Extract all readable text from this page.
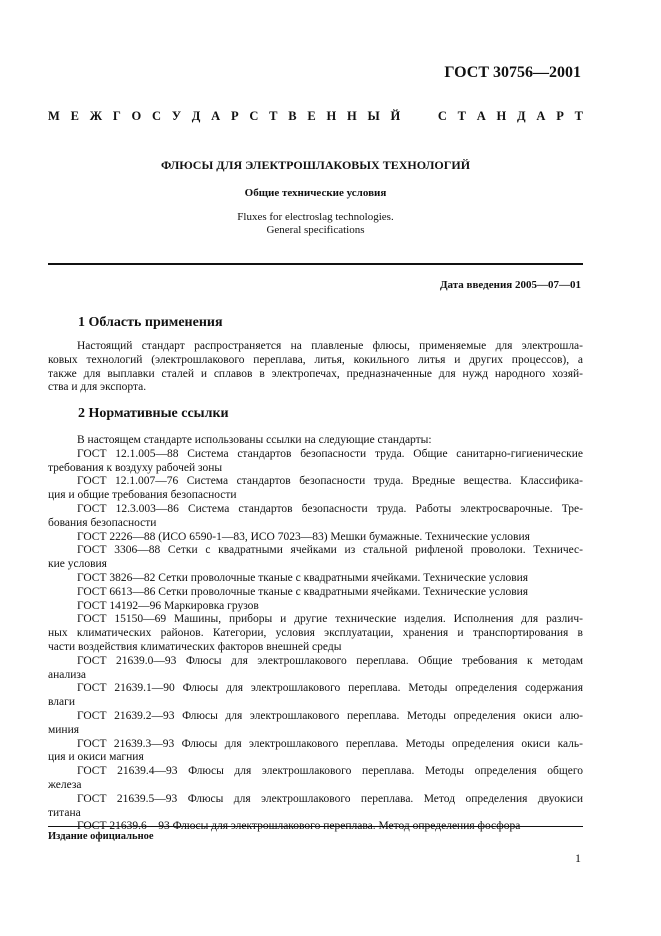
ГОСТ 30756—2001
М Е Ж Г О С У Д А Р С Т В Е Н Н Ы Й	С Т А Н Д А Р Т
ФЛЮСЫ ДЛЯ ЭЛЕКТРОШЛАКОВЫХ ТЕХНОЛОГИЙ
Общие технические условия
Fluxes for electroslag technologies.
General specifications
Дата введения 2005—07—01
1 Область применения
Настоящий стандарт распространяется на плавленые флюсы, применяемые для электрошла-
ковых технологий (электрошлакового переплава, литья, кокильного литья и других процессов), а
также для выплавки сталей и сплавов в электропечах, предназначенные для нужд народного хозяй-
ства и для экспорта.
2 Нормативные ссылки
В настоящем стандарте использованы ссылки на следующие стандарты:
ГОСТ 12.1.005—88 Система стандартов безопасности труда. Общие санитарно-гигиенические
требования к воздуху рабочей зоны
ГОСТ 12.1.007—76 Система стандартов безопасности труда. Вредные вещества. Классифика-
ция и общие требования безопасности
ГОСТ 12.3.003—86 Система стандартов безопасности труда. Работы электросварочные. Тре-
бования безопасности
ГОСТ 2226—88 (ИСО 6590-1—83, ИСО 7023—83) Мешки бумажные. Технические условия
ГОСТ 3306—88 Сетки с квадратными ячейками из стальной рифленой проволоки. Техничес-
кие условия
ГОСТ 3826—82 Сетки проволочные тканые с квадратными ячейками. Технические условия
ГОСТ 6613—86 Сетки проволочные тканые с квадратными ячейками. Технические условия
ГОСТ 14192—96 Маркировка грузов
ГОСТ 15150—69 Машины, приборы и другие технические изделия. Исполнения для различ-
ных климатических районов. Категории, условия эксплуатации, хранения и транспортирования в
части воздействия климатических факторов внешней среды
ГОСТ 21639.0—93 Флюсы для электрошлакового переплава. Общие требования к методам
анализа
ГОСТ 21639.1—90 Флюсы для электрошлакового переплава. Методы определения содержания
влаги
ГОСТ 21639.2—93 Флюсы для электрошлакового переплава. Методы определения окиси алю-
миния
ГОСТ 21639.3—93 Флюсы для электрошлакового переплава. Методы определения окиси каль-
ция и окиси магния
ГОСТ 21639.4—93 Флюсы для электрошлакового переплава. Методы определения общего
железа
ГОСТ 21639.5—93 Флюсы для электрошлакового переплава. Метод определения двуокиси
титана
ГОСТ 21639.6—93 Флюсы для электрошлакового переплава. Метод определения фосфора
Издание официальное
1
